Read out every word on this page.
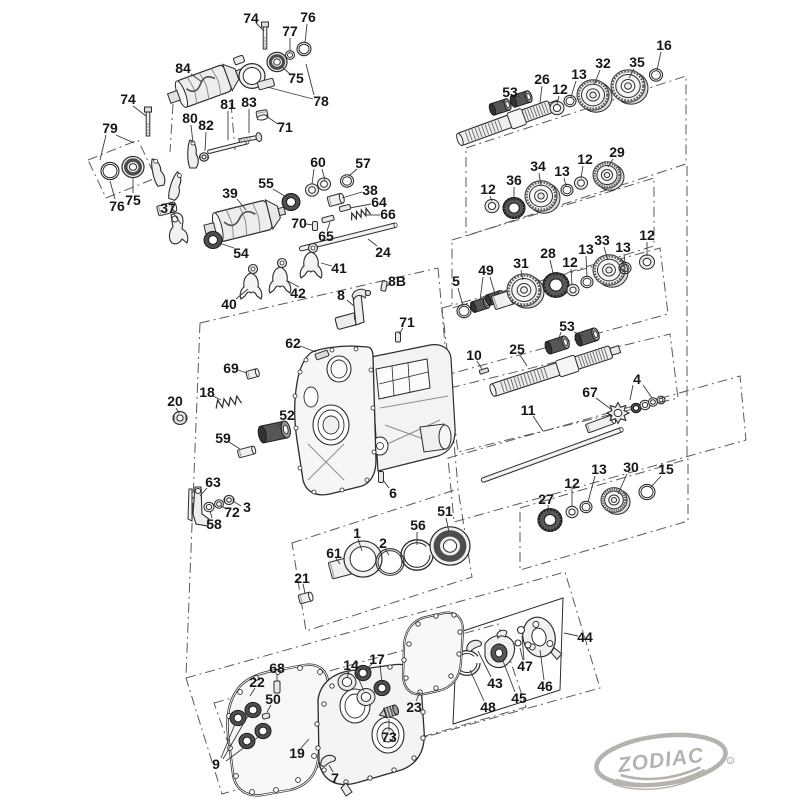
74	76
77
84
75
78
74
79
80 82
81 83
71
76 75 37
39
55
60 57
38
64
66
70
65
24
54
41
8B
42
40
8
71
53
26
12
13
32 35
16
12
36
34 13
12 29
5
49 31
28
12
13
33 13
12
10 25
53
11
67
4
27
12
13 30 15
62
69
18
20
52
59
63
3
72
58
6
61
1
2
56
51
21
68
22
50
14 17
23
73
19
9
7
43
45
46
47
48
44
R
ZODIAC
